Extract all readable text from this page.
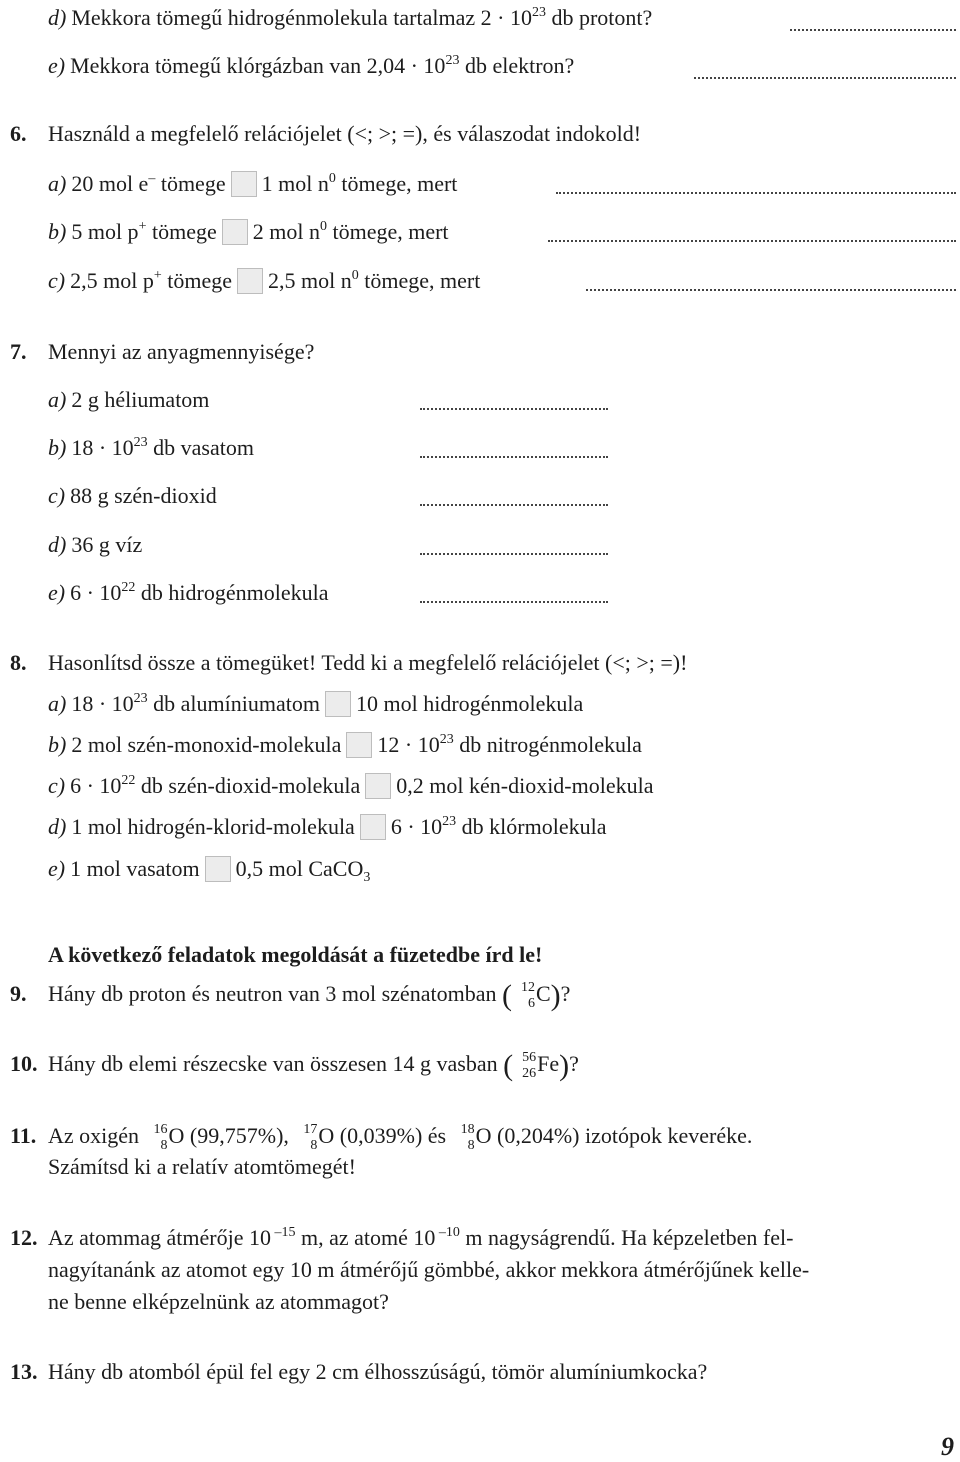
d) Mekkora tömegű hidrogénmolekula tartalmaz $2 \cdot 10^{23}$ db protont?
e) Mekkora tömegű klórgázban van $2,04 \cdot 10^{23}$ db elektron?
6. Használd a megfelelő relációjelet (<; >; =), és válaszodat indokold!
a) 20 mol e– tömege 1 mol $n^0$ tömege, mert
b) 5 mol p+ tömege 2 mol $n^0$ tömege, mert
c) 2,5 mol p+ tömege 2,5 mol $n^0$ tömege, mert
7. Mennyi az anyagmennyisége?
a) 2 g héliumatom
b) $18 \cdot 10^{23}$ db vasatom
c) 88 g szén-dioxid
d) 36 g víz
e) $6 \cdot 10^{22}$ db hidrogénmolekula
8. Hasonlítsd össze a tömegüket! Tedd ki a megfelelő relációjelet (<; >; =)!
a) $18 \cdot 10^{23}$ db alumíniumatom 10 mol hidrogénmolekula
b) 2 mol szén-monoxid-molekula $12 \cdot 10^{23}$ db nitrogénmolekula
c) $6 \cdot 10^{22}$ db szén-dioxid-molekula 0,2 mol kén-dioxid-molekula
d) 1 mol hidrogén-klorid-molekula $6 \cdot 10^{23}$ db klórmolekula
e) 1 mol vasatom 0,5 mol CaCO$_3$
A következő feladatok megoldását a füzetedbe írd le!
9. Hány db proton és neutron van 3 mol szénatomban ( 12
6 C)?
10. Hány db elemi részecske van összesen 14 g vasban ( 56
26 Fe)?
11. Az oxigén 16
8 O (99,757%), 17
8 O (0,039%) és 18
8 O (0,204%) izotópok keveréke.
Számítsd ki a relatív atomtömegét!
12. Az atommag átmérője 10 $^{-15}$ m, az atomé 10 $^{-10}$ m nagyságrendű. Ha képzeletben fel-
nagyítanánk az atomot egy 10 m átmérőjű gömbbé, akkor mekkora átmérőjűnek kelle-
ne benne elképzelnünk az atommagot?
13. Hány db atomból épül fel egy 2 cm élhosszúságú, tömör alumíniumkocka?
9
